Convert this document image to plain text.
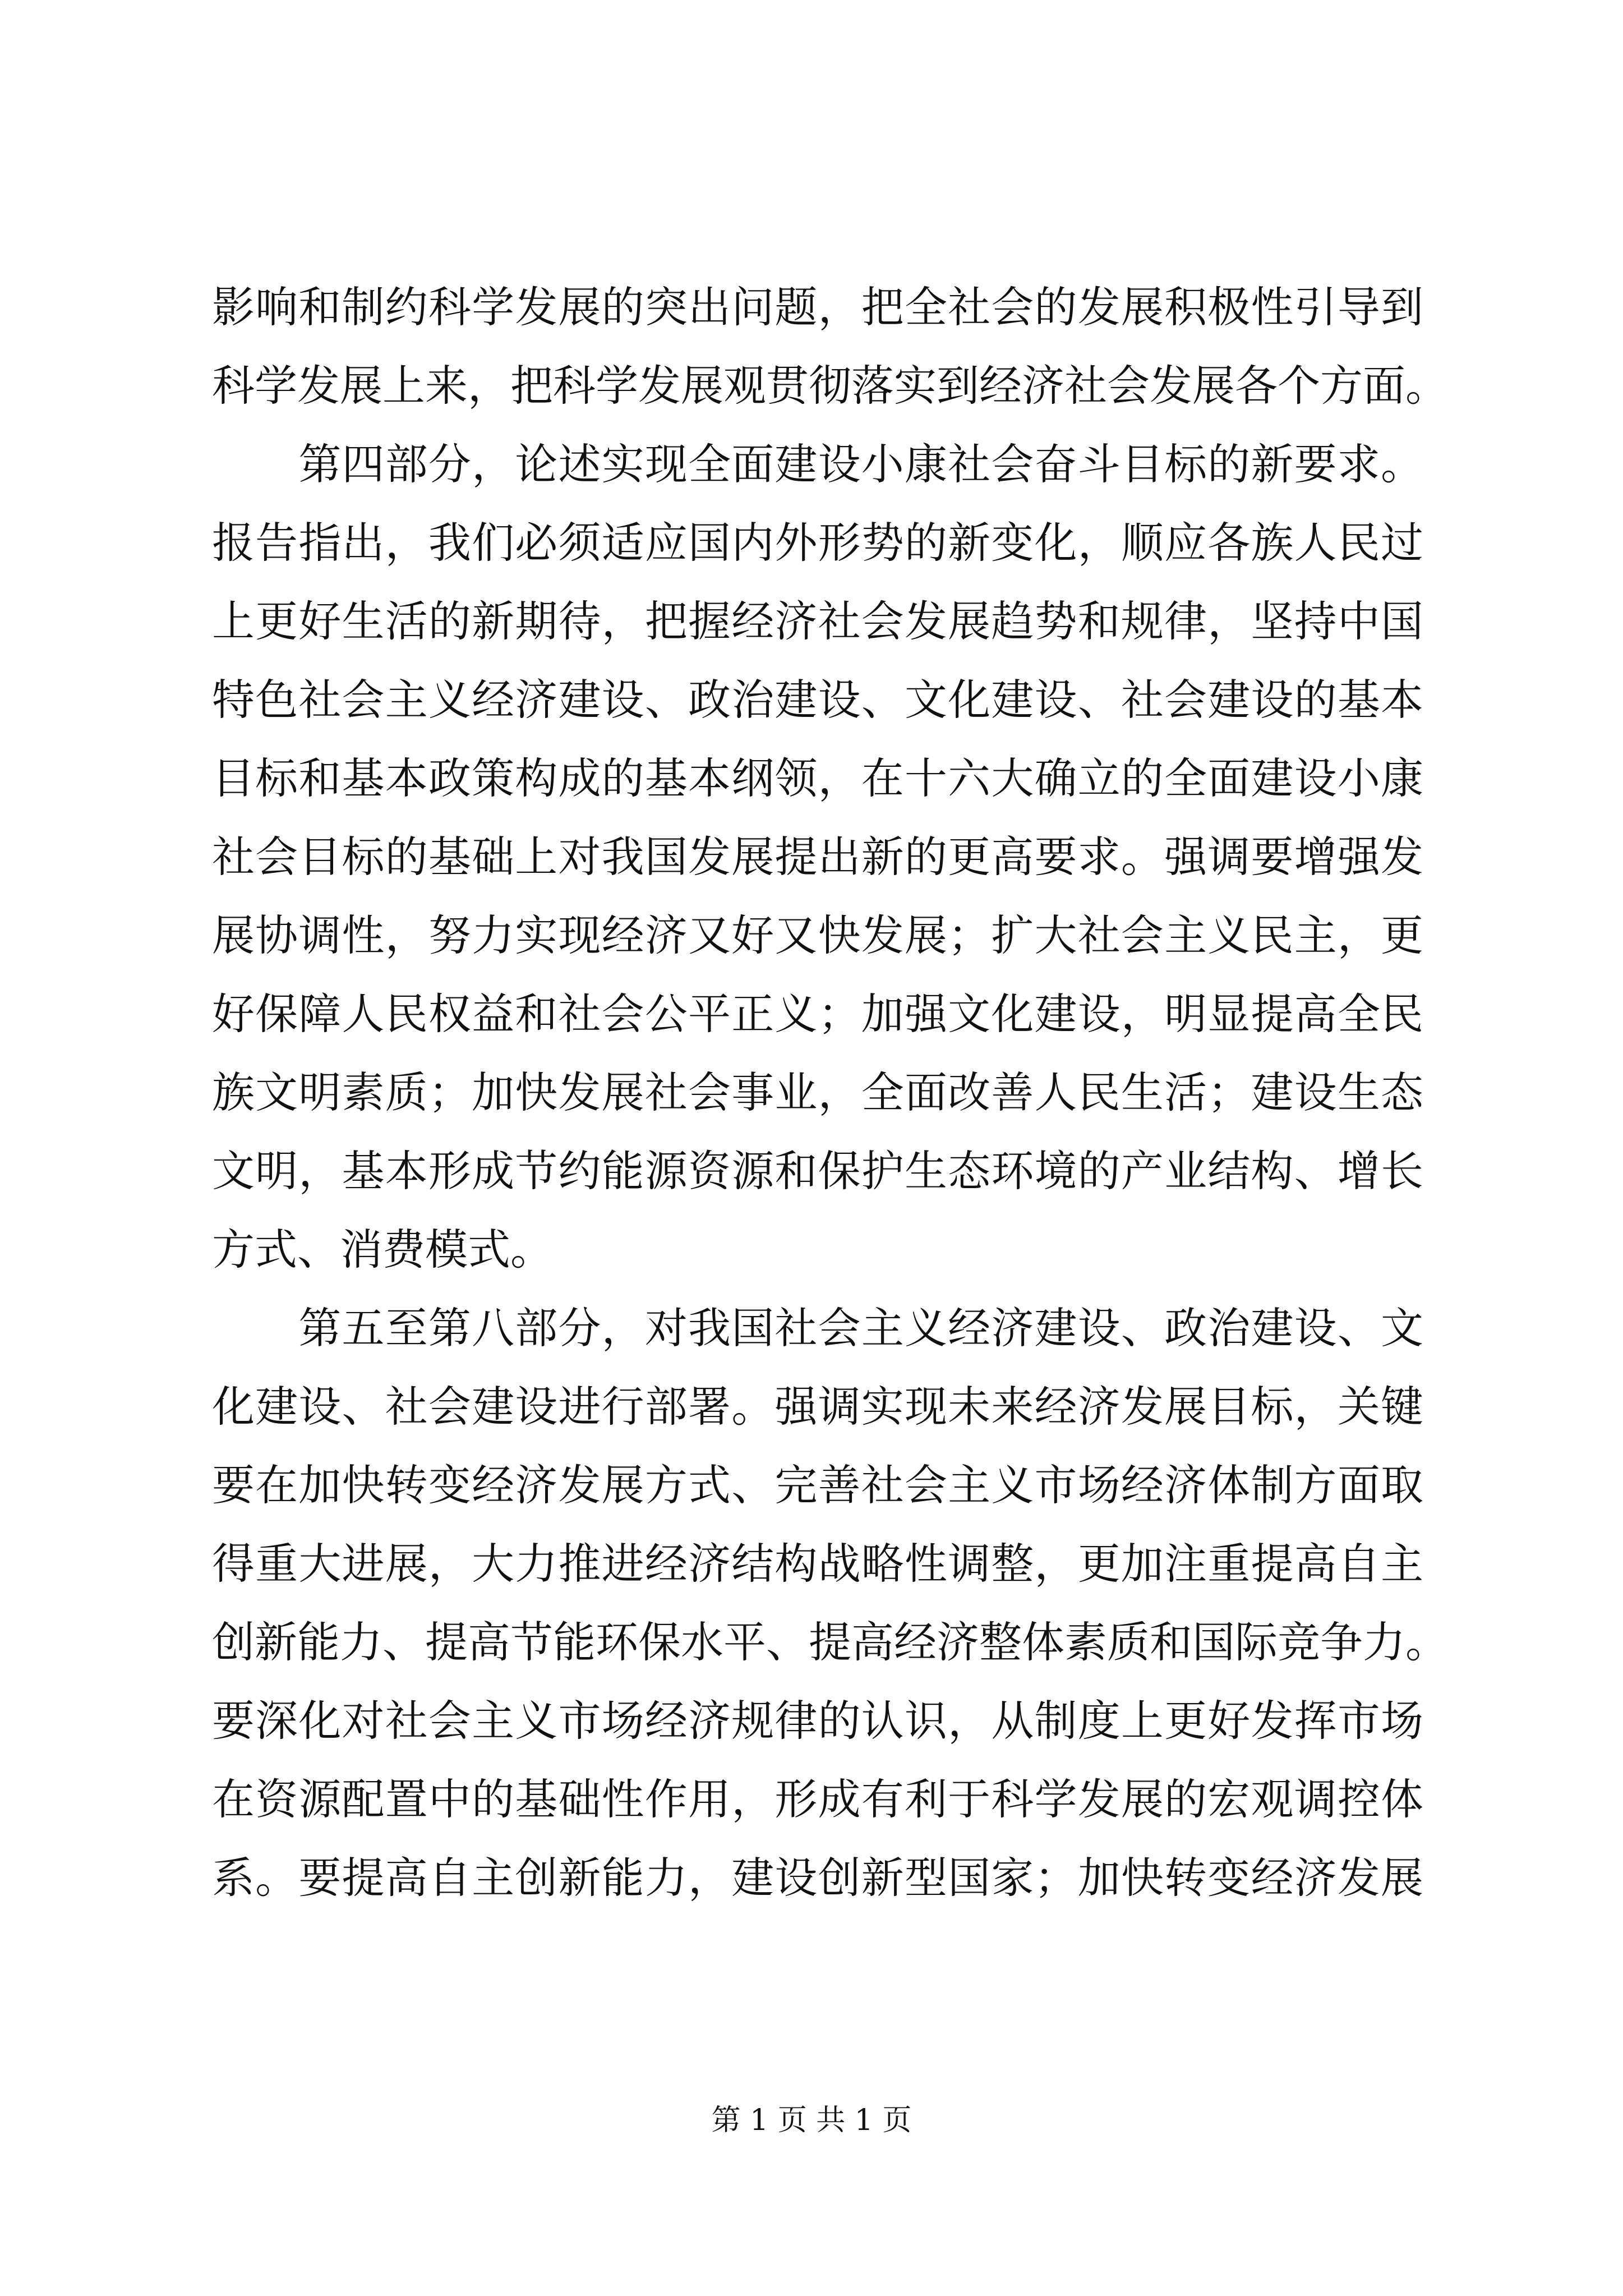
影响和制约科学发展的突出问题，把全社会的发展积极性引导到
科学发展上来，把科学发展观贯彻落实到经济社会发展各个方面。
　　第四部分，论述实现全面建设小康社会奋斗目标的新要求。
报告指出，我们必须适应国内外形势的新变化，顺应各族人民过
上更好生活的新期待，把握经济社会发展趋势和规律，坚持中国
特色社会主义经济建设、政治建设、文化建设、社会建设的基本
目标和基本政策构成的基本纲领，在十六大确立的全面建设小康
社会目标的基础上对我国发展提出新的更高要求。强调要增强发
展协调性，努力实现经济又好又快发展；扩大社会主义民主，更
好保障人民权益和社会公平正义；加强文化建设，明显提高全民
族文明素质；加快发展社会事业，全面改善人民生活；建设生态
文明，基本形成节约能源资源和保护生态环境的产业结构、增长
方式、消费模式。
　　第五至第八部分，对我国社会主义经济建设、政治建设、文
化建设、社会建设进行部署。强调实现未来经济发展目标，关键
要在加快转变经济发展方式、完善社会主义市场经济体制方面取
得重大进展，大力推进经济结构战略性调整，更加注重提高自主
创新能力、提高节能环保水平、提高经济整体素质和国际竞争力。
要深化对社会主义市场经济规律的认识，从制度上更好发挥市场
在资源配置中的基础性作用，形成有利于科学发展的宏观调控体
系。要提高自主创新能力，建设创新型国家；加快转变经济发展
第 1 页 共 1 页
